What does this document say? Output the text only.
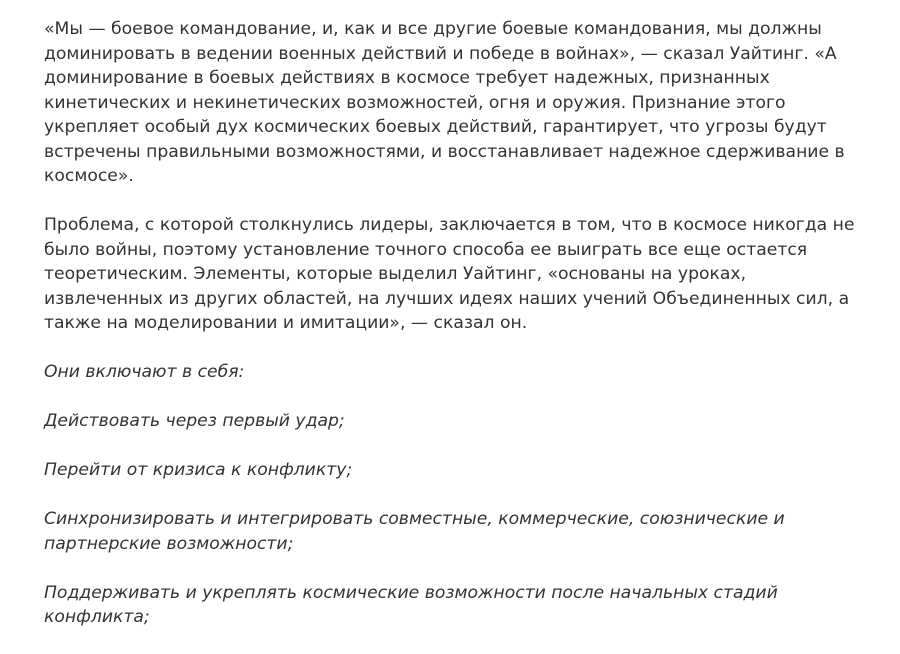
«Мы — боевое командование, и, как и все другие боевые командования, мы должны доминировать в ведении военных действий и победе в войнах», — сказал Уайтинг. «А доминирование в боевых действиях в космосе требует надежных, признанных кинетических и некинетических возможностей, огня и оружия. Признание этого укрепляет особый дух космических боевых действий, гарантирует, что угрозы будут встречены правильными возможностями, и восстанавливает надежное сдерживание в космосе».

Проблема, с которой столкнулись лидеры, заключается в том, что в космосе никогда не было войны, поэтому установление точного способа ее выиграть все еще остается теоретическим. Элементы, которые выделил Уайтинг, «основаны на уроках, извлеченных из других областей, на лучших идеях наших учений Объединенных сил, а также на моделировании и имитации», — сказал он.

Они включают в себя:

Действовать через первый удар;

Перейти от кризиса к конфликту;

Синхронизировать и интегрировать совместные, коммерческие, союзнические и партнерские возможности;

Поддерживать и укреплять космические возможности после начальных стадий конфликта;
